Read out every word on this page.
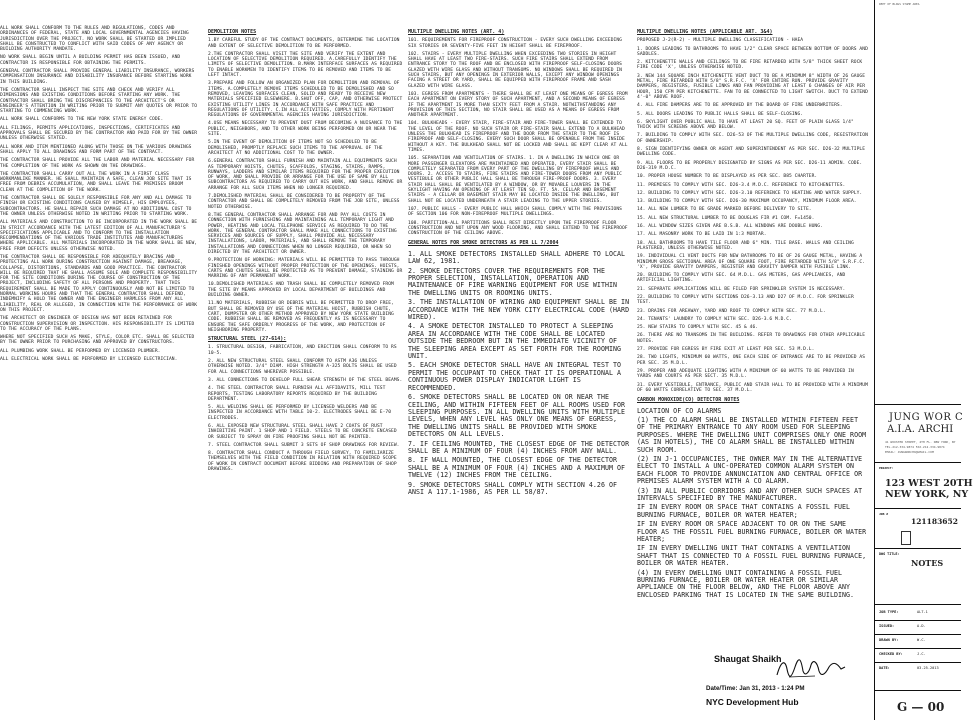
ALL WORK SHALL CONFORM TO THE RULES AND REGULATIONS, CODES AND ORDINANCES OF FEDERAL, STATE AND LOCAL GOVERNMENTAL AGENCIES HAVING JURISDICTION OVER THE PROJECT. NO WORK SHALL BE STARTED OR IMPLIED SHALL BE CONSTRUCTED TO CONFLICT WITH SAID CODES OF ANY AGENCY OR BUILDING AUTHORITY MANDATE.

NO WORK SHALL BEGIN UNTIL A BUILDING PERMIT HAS BEEN ISSUED, AND CONTRACTOR IS RESPONSIBLE FOR OBTAINING THE PERMITS.

GENERAL CONTRACTOR SHALL PROVIDE GENERAL LIABILITY INSURANCE, WORKERS COMPENSATION INSURANCE AND DISABILITY INSURANCE BEFORE STARTING WORK IN THIS BUILDING.

THE CONTRACTOR SHALL INSPECT THE SITE AND CHECK AND VERIFY ALL DIMENSIONS AND EXISTING CONDITIONS BEFORE STARTING ANY WORK. THE CONTRACTOR SHALL BRING THE DISCREPANCIES TO THE ARCHITECT'S OR ENGINEER'S ATTENTION IN WRITING PRIOR TO SUBMIT ANY QUOTES OR PRIOR TO STARTING TO COMMENCING WORK.

ALL WORK SHALL CONFORMS TO THE NEW YORK STATE ENERGY CODE.

ALL FILINGS, PERMITS APPLICATIONS, INSPECTIONS, CERTIFICATES AND APPROVALS SHALL BE SECURED BY THE CONTRACTOR AND PAID FOR BY THE OWNER UNLESS OTHERWISE STATED.

ALL WORK AND ITEM MENTIONED ALONG WITH THOSE ON THE VARIOUS DRAWINGS SHALL APPLY TO ALL DRAWINGS AND FORM PART OF THE CONTRACT.

THE CONTRACTOR SHALL PROVIDE ALL THE LABOR AND MATERIAL NECESSARY FOR THE COMPLETION OF THE WORK AS SHOWN ON THE DRAWINGS.

THE CONTRACTOR SHALL CARRY OUT ALL THE WORK IN A FIRST CLASS WORKMANLIKE MANNER. HE SHALL MAINTAIN A SAFE, CLEAN JOB SITE THAT IS FREE FROM DEBRIS ACCUMULATION, AND SHALL LEAVE THE PREMISES BROOM CLEAN AT THE COMPLETION OF THE WORK.

THE CONTRACTOR SHALL BE SOLELY RESPONSIBLE FOR ANY AND ALL DAMAGE TO FINISH OR EXISTING CONDITIONS CAUSED BY HIMSELF, HIS EMPLOYEES, SUBCONTRACTORS. HE SHALL REPAIR SUCH DAMAGE AT NO ADDITIONAL COST TO THE OWNER UNLESS OTHERWISE NOTED IN WRITING PRIOR TO STARTING WORK.

ALL MATERIALS AND CONSTRUCTION TO BE INCORPORATED IN THE WORK SHALL BE IN STRICT ACCORDANCE WITH THE LATEST EDITION OF ALL MANUFACTURER'S SPECIFICATIONS APPLICABLE AND TO CONFORM TO THE INSTALLATION RECOMMENDATIONS OF THE VARIOUS TRADE INSTITUTES AND MANUFACTURERS WHERE APPLICABLE. ALL MATERIALS INCORPORATED IN THE WORK SHALL BE NEW, FREE FROM DEFECTS UNLESS OTHERWISE NOTED.

THE CONTRACTOR SHALL BE RESPONSIBLE FOR ADEQUATELY BRACING AND PROTECTING ALL WORK DURING CONSTRUCTION AGAINST DAMAGE, BREAKAGE, COLLAPSE, DISTORTIONS, STANDARDS AND GOOD PRACTICE. THE CONTRACTOR WILL BE REQUIRED THAT HE SHALL ASSUME SOLE AND COMPLETE RESPONSIBILITY FOR THE SITE CONDITIONS DURING THE COURSE OF CONSTRUCTION OF THE PROJECT, INCLUDING SAFETY OF ALL PERSONS AND PROPERTY. THAT THIS REQUIREMENT SHALL BE MADE TO APPLY CONTINUOUSLY AND NOT BE LIMITED TO NORMAL WORKING HOURS AND THAT THE GENERAL CONTRACTOR SHALL DEFEND, INDEMNIFY & HOLD THE OWNER AND THE ENGINEER HARMLESS FROM ANY ALL LIABILITY, REAL OR ALLEGED, IN CONNECTION WITH THE PERFORMANCE OF WORK ON THIS PROJECT.

THE ARCHITECT OR ENGINEER OF DESIGN HAS NOT BEEN RETAINED FOR CONSTRUCTION SUPERVISION OR INSPECTION. HIS RESPONSIBILITY IS LIMITED TO THE ACCURACY OF THE PLANS.

WHERE NOT SPECIFIED SUCH AS MAKE, STYLE, COLOR ETC. SHALL BE SELECTED BY THE OWNER PRIOR TO PURCHASING AND APPROVED BY CONSTRUCTORS.

ALL PLUMBING WORK SHALL BE PERFORMED BY LICENSED PLUMBER.

ALL ELECTRICAL WORK SHALL BE PERFORMED BY LICENSED ELECTRICIAN.

DEMOLITION NOTES

1.BY CAREFUL STUDY OF THE CONTRACT DOCUMENTS, DETERMINE THE LOCATION AND EXTENT OF SELECTIVE DEMOLITION TO BE PERFORMED.

2.THE CONTRACTOR SHALL VISIT THE SITE AND VERIFY THE EXTENT AND LOCATION OF SELECTIVE DEMOLITION REQUIRED. A.CAREFULLY IDENTIFY THE LIMITS OF SELECTIVE DEMOLITION. B.MARK INTERFACE SURFACES AS REQUIRED TO ENABLE WORKMEN TO IDENTIFY ITEMS TO BE REMOVED AND ITEMS TO BE LEFT INTACT.

3.PREPARE AND FOLLOW AN ORGANIZED PLAN FOR DEMOLITION AND REMOVAL OF ITEMS. A.COMPLETELY REMOVE ITEMS SCHEDULED TO BE DEMOLISHED AND SO REMOVED, LEAVING SURFACES CLEAN, SOLID AND READY TO RECEIVE NEW MATERIALS SPECIFIED ELSEWHERE. B.SHUT OFF, CAP, AND OTHERWISE PROTECT EXISTING UTILITY LINES IN ACCORDANCE WITH SAFE PRACTICE AND REGULATIONS OF UTILITY. C.IN ALL ACTIVITIES, COMPLY WITH PERTINENT REGULATIONS OF GOVERNMENTAL AGENCIES HAVING JURISDICTION.

4.USE MEANS NECESSARY TO PREVENT DUST FROM BECOMING A NUISANCE TO THE PUBLIC, NEIGHBORS, AND TO OTHER WORK BEING PERFORMED ON OR NEAR THE SITE.

5.IN THE EVENT OF DEMOLITION OF ITEMS NOT SO SCHEDULED TO BE DEMOLISHED, PROMPTLY REPLACE SUCH ITEMS TO THE APPROVAL OF THE ARCHITECT AT NO ADDITIONAL COST TO THE OWNER.

6.GENERAL CONTRACTOR SHALL FURNISH AND MAINTAIN ALL EQUIPMENTS SUCH AS TEMPORARY HOISTS, CHUTES, SCAFFOLDS, STAGING, STAIRS, RAMPS, RUNWAYS, LADDERS AND SIMILAR ITEMS REQUIRED FOR THE PROPER EXECUTION OF WORK, AND SHALL PROVIDE OR ARRANGE FOR THE USE OF SAME BY ALL SUBCONTRACTORS AS REQUIRED TO CARRY OUT HIS WORK, AND SHALL REMOVE OR ARRANGE FOR ALL SUCH ITEMS WHEN NO LONGER REQUIRED.

7.DEMOLISHED MATERIAL SHALL BE CONSIDERED TO BE PROPERTY OF THE CONTRACTOR AND SHALL BE COMPLETELY REMOVED FROM THE JOB SITE, UNLESS NOTED OTHERWISE.

8.THE GENERAL CONTRACTOR SHALL ARRANGE FOR AND PAY ALL COSTS IN CONNECTION WITH FURNISHING AND MAINTAINING ALL TEMPORARY LIGHT AND POWER, HEATING AND LOCAL TELEPHONE SERVICE AS REQUIRED TO DO THE WORK. THE GENERAL CONTRACTOR SHALL MAKE ALL CONNECTIONS TO EXISTING SERVICES AND SOURCES OF SUPPLY, SHALL PROVIDE ALL NECESSARY INSTALLATIONS, LABOR, MATERIALS, AND SHALL REMOVE THE TEMPORARY INSTALLATIONS AND CONNECTIONS WHEN NO LONGER REQUIRED, OR WHEN SO DIRECTED BY THE ARCHITECT OR OWNER.

9.PROTECTION OF WORKING: MATERIALS WILL BE PERMITTED TO PASS THROUGH FINISHED OPENINGS WITHOUT PROPER PROTECTION OF THE OPENINGS. HOISTS, CARTS AND CHUTES SHALL BE PROTECTED AS TO PREVENT DAMAGE, STAINING OR MARRING OF ANY PERMANENT WORK.

10.DEMOLISHED MATERIALS AND TRASH SHALL BE COMPLETELY REMOVED FROM THE SITE BY MEANS APPROVED BY LOCAL DEPARTMENT OF BUILDINGS AND BUILDING OWNER.

11.NO MATERIALS, RUBBISH OR DEBRIS WILL BE PERMITTED TO DROP FREE, BUT SHALL BE REMOVED BY USE OF THE MATERIAL HOIST, RUBBISH CHUTE, CART, DUMPSTER OR OTHER METHOD APPROVED BY NEW YORK STATE BUILDING CODE. RUBBISH SHALL BE REMOVED AS FREQUENTLY AS IS NECESSARY TO ENSURE THE SAFE ORDERLY PROGRESS OF THE WORK, AND PROTECTION OF NEIGHBORING PROPERTY.

STRUCTURAL STEEL (27-614):

1. STRUCTURAL DESIGN, FABRICATION, AND ERECTION SHALL CONFORM TO RS 10-5.

2. ALL NEW STRUCTURAL STEEL SHALL CONFORM TO ASTM A36 UNLESS OTHERWISE NOTED. 3/4" DIAM. HIGH STRENGTH A-325 BOLTS SHALL BE USED FOR ALL CONNECTIONS WHEREVER POSSIBLE.

3. ALL CONNECTIONS TO DEVELOP FULL SHEAR STRENGTH OF THE STEEL BEAMS.

4. THE STEEL CONTRACTOR SHALL FURNISH ALL AFFIDAVITS, MILL TEST REPORTS, TESTING LABORATORY REPORTS REQUIRED BY THE BUILDING DEPARTMENT.

5. ALL WELDING SHALL BE PERFORMED BY LICENSED WELDERS AND BE INSPECTED IN ACCORDANCE WITH TABLE 10-2. ELECTRODES SHALL BE E-70 ELECTRODES.

6. ALL EXPOSED NEW STRUCTURAL STEEL SHALL HAVE 2 COATS OF RUST INHIBITIVE PAINT. 1 SHOP AND 1 FIELD. STEELS TO BE CONCRETE ENCASED OR SUBJECT TO SPRAY ON FIRE PROOFING SHALL NOT BE PAINTED.

7. STEEL CONTRACTOR SHALL SUBMIT 3 SETS OF SHOP DRAWINGS FOR REVIEW.

8. CONTRACTOR SHALL CONDUCT A THROUGH FIELD SURVEY, TO FAMILIARIZE THEMSELVES WITH THE FIELD CONDITION IN RELATION WITH REQUIRED SCOPE OF WORK IN CONTRACT DOCUMENT BEFORE BIDDING AND PREPARATION OF SHOP DRAWINGS.

MULTIPLE DWELLING NOTES (ART. 4)

101. REQUIREMENTS FOR FIREPROOF CONSTRUCTION - EVERY SUCH DWELLING EXCEEDING SIX STORIES OR SEVENTY-FIVE FEET IN HEIGHT SHALL BE FIREPROOF.

102. STAIRS - EVERY MULTIPLE DWELLING WHEN EXCEEDING TWO STORIES IN HEIGHT SHALL HAVE AT LEAST TWO FIRE-STAIRS. SUCH FIRE STAIRS SHALL EXTEND FROM ENTRANCE STORY TO THE ROOF AND BE ENCLOSED WITH FIREPROOF SELF-CLOSING DOORS GLAZED WITH WIRE GLASS AND WITHOUT TRANSOMS. NO WINDOWS SHALL BE REQUIRED IN SUCH STAIRS, BUT ANY OPENINGS IN EXTERIOR WALLS, EXCEPT ANY WINDOW OPENINGS FACING A STREET OR YARD, SHALL BE EQUIPPED WITH FIREPROOF FRAME AND SASH GLAZED WITH WIRE GLASS.

103. EGRESS FROM APARTMENTS - THERE SHALL BE AT LEAST ONE MEANS OF EGRESS FROM EACH APARTMENT ON EVERY STORY OF SUCH APARTMENT, AND A SECOND MEANS OF EGRESS IF THE APARTMENT IS MORE THAN SIXTY FEET FROM A STAIR. NOTWITHSTANDING ANY PROVISION OF THIS SECTION, NO STAIR SHALL BE USED AS A MEANS OF EGRESS FROM ANOTHER APARTMENT.

104. BULKHEADS - EVERY STAIR, FIRE-STAIR AND FIRE-TOWER SHALL BE EXTENDED TO THE LEVEL OF THE ROOF. NO SUCH STAIR OR FIRE-STAIR SHALL EXTEND TO A BULKHEAD UNLESS THE BULKHEAD IS FIREPROOF AND THE DOOR FROM THE STAIR TO THE ROOF IS FIREPROOF AND SELF-CLOSING. EVERY SUCH DOOR SHALL BE OPENABLE FROM THE INSIDE WITHOUT A KEY. THE BULKHEAD SHALL NOT BE LOCKED AND SHALL BE KEPT CLEAR AT ALL TIMES.

105. SEPARATION AND VENTILATION OF STAIRS. 1. IN A DWELLING IN WHICH ONE OR MORE PASSENGER ELEVATORS ARE MAINTAINED AND OPERATED, EVERY STAIR SHALL BE COMPLETELY SEPARATED FROM EVERY PART OF THE DWELLING BY FIREPROOF WALLS AND DOORS. 2. ACCESS TO STAIRS, FIRE STAIRS AND FIRE-TOWER DOORS FROM ANY PUBLIC VESTIBULE OR OTHER PUBLIC HALL SHALL BE THROUGH FIRE-PROOF DOORS. 3. EVERY STAIR HALL SHALL BE VENTILATED BY A WINDOW, OR BY MOVABLE LOUVERS IN THE SKYLIGHT HAVING AN OPENING OF AT LEAST TEN SQ. FT. 5A. CELLAR AND BASEMENT STAIRS - A CELLAR OR BASEMENT STAIR MAY BE LOCATED INSIDE THE DWELLING, BUT SHALL NOT BE LOCATED UNDERNEATH A STAIR LEADING TO THE UPPER STORIES.

107. PUBLIC HALLS - EVERY PUBLIC HALL WHICH SHALL COMPLY WITH THE PROVISIONS OF SECTION 106 FOR NON-FIREPROOF MULTIPLE DWELLINGS.

108. PARTITION-ALL PARTITIONS SHALL REST DIRECTLY UPON THE FIREPROOF FLOOR CONSTRUCTION AND NOT UPON ANY WOOD FLOORING, AND SHALL EXTEND TO THE FIREPROOF CONSTRUCTION OF THE CEILING ABOVE.

GENERAL NOTES FOR SMOKE DETECTORS AS PER LL 7/2004

1. ALL SMOKE DETECTORS INSTALLED SHALL ADHERE TO LOCAL LAW 62, 1981.

2. SMOKE DETECTORS COVER THE REQUIREMENTS FOR THE PROPER SELECTION, INSTALLATION, OPERATION AND MAINTENANCE OF FIRE WARNING EQUIPMENT FOR USE WITHIN THE DWELLING UNITS OR ROOMING UNITS.

3. THE INSTALLATION OF WIRING AND EQUIPMENT SHALL BE IN ACCORDANCE WITH THE NEW YORK CITY ELECTRICAL CODE (HARD WIRED).

4. A SMOKE DETECTOR INSTALLED TO PROTECT A SLEEPING AREA IN ACCORDANCE WITH THE CODE SHALL BE LOCATED OUTSIDE THE BEDROOM BUT IN THE IMMEDIATE VICINITY OF THE SLEEPING AREA EXCEPT AS SET FORTH FOR THE ROOMING UNIT.

5. EACH SMOKE DETECTOR SHALL HAVE AN INTEGRAL TEST TO PERMIT THE OCCUPANT TO CHECK THAT IT IS OPERATIONAL A CONTINUOUS POWER DISPLAY INDICATOR LIGHT IS RECOMMENDED.

6. SMOKE DETECTORS SHALL BE LOCATED ON OR NEAR THE CEILING, AND WITHIN FIFTEEN FEET OF ALL ROOMS USED FOR SLEEPING PURPOSES. IN ALL DWELLING UNITS WITH MULTIPLE LEVELS, WHEN ANY LEVEL HAS ONLY ONE MEANS OF EGRESS, THE DWELLING UNITS SHALL BE PROVIDED WITH SMOKE DETECTORS ON ALL LEVELS.

7. IF CEILING MOUNTED, THE CLOSEST EDGE OF THE DETECTOR SHALL BE A MINIMUM OF FOUR (4) INCHES FROM ANY WALL.

8. IF WALL MOUNTED, THE CLOSEST EDGE OF THE DETECTOR SHALL BE A MINIMUM OF FOUR (4) INCHES AND A MAXIMUM OF TWELVE (12) INCHES FROM THE CEILING.

9. SMOKE DETECTORS SHALL COMPLY WITH SECTION 4.26 OF ANSI A 117.1-1986, AS PER LL 58/87.

MULTIPLE DWELLING NOTES (APPLICABLE ART. 3&4)

PROPOSED J-2(R-2) - MULTIPLE DWELLING CLASSIFICATION - HAEA

1. DOORS LEADING TO BATHROOMS TO HAVE 1/2" CLEAR SPACE BETWEEN BOTTOM OF DOORS AND SADDLES.

2. KITCHENETTE WALLS AND CEILINGS TO BE FIRE RETARDED WITH 5/8" THICK SHEET ROCK FIRE CODE 'X', UNLESS OTHERWISE NOTED.

3. NEW 144 SQUARE INCH KITCHENETTE VENT DUCT TO BE A MINIMUM 8" WIDTH OF 26 GAUGE METAL, FIRE RETARDED WITH 5/8" S.R.F.C. 'X' FOR ENTIRE RUN. PROVIDE GRAVITY DAMPERS, REGISTERS, FUSIBLE LINKS AND FAN PROVIDING AT LEAST 6 CHANGES OF AIR PER HOUR, 150 CFM PER KITCHENETTE. FAN TO BE CONNECTED TO LIGHT SWITCH. DUCT TO EXTEND 4'-0" ABOVE ROOF.

4. ALL FIRE DAMPERS ARE TO BE APPROVED BY THE BOARD OF FIRE UNDERWRITERS.

5. ALL DOORS LEADING TO PUBLIC HALLS SHALL BE SELF-CLOSING.

6. SKYLIGHT OVER PUBLIC HALL TO HAVE AT LEAST 20 SQ. FEET OF PLAIN GLASS 1/4" THICK WITH SCREENS ABOVE AND BELOW.

7. BUILDING TO COMPLY WITH SEC. D26-53 OF THE MULTIPLE DWELLING CODE, REGISTRATION OF OWNERSHIP.

8. SIGN IDENTIFYING OWNER OR AGENT AND SUPERINTENDENT AS PER SEC. D26-32 MULTIPLE DWELLING CODE.

9. ALL FLOORS TO BE PROPERLY DESIGNATED BY SIGNS AS PER SEC. D26-11 ADMIN. CODE. D26-319 M.D.C.

10. PROPER HOUSE NUMBER TO BE DISPLAYED AS PER SEC. B85 CHARTER.

11. PREMISES TO COMPLY WITH SEC. D26-3.4 M.D.C. REFERENCE TO KITCHENETTES.

12. BUILDING TO COMPLY WITH SEC. D26-3.10 REFERENCE TO HEATING AND WATER SUPPLY.

13. BUILDING TO COMPLY WITH SEC. D26-30 MAXIMUM OCCUPANCY, MINIMUM FLOOR AREA.

14. ALL NEW LUMBER TO BE GRADE MARKED BEFORE DELIVERY TO SITE.

15. ALL NEW STRUCTURAL LUMBER TO BE DOUGLAS FIR #1 COM. F=1450.

16. ALL WINDOW SIZES GIVEN ARE B.S.B. ALL WINDOWS ARE DOUBLE HUNG.

17. ALL MASONRY WORK TO BE LAID IN 1:3 MORTAR.

18. ALL BATHROOMS TO HAVE TILE FLOOR AND 6" MIN. TILE BASE. WALLS AND CEILING PLASTERED, UNLESS OTHERWISE NOTED.

19. INDIVIDUAL C1 VENT DUCTS FOR NEW BATHROOMS TO BE OF 26 GAUGE METAL, HAVING A MINIMUM GROSS SECTIONAL AREA OF ONE SQUARE FOOT, FIRE RETARDED WITH 5/8" S.R.F.C. 'X', PROVIDE GRAVITY DAMPERS, REGISTER AND GRAVITY DAMPER WITH FUSIBLE LINK.

20. BUILDING TO COMPLY WITH SEC. 64 M.D.L. GAS METERS, GAS APPLIANCES, AND ARTIFICIAL LIGHTING.

21. SEPARATE APPLICATIONS WILL BE FILED FOR SPRINKLER SYSTEM IS NECESSARY.

22. BUILDING TO COMPLY WITH SECTIONS D26-3.13 AND D27 OF M.D.C. FOR SPRINKLER TEST.

23. DRAINS FOR AREAWAY, YARD AND ROOF TO COMPLY WITH SEC. 77 M.D.L.

24. TENANTS' LAUNDRY TO COMPLY WITH SEC. D26-3.6 M.D.C.

25. NEW STAIRS TO COMPLY WITH SEC. 45 & 46.

26. THERE ARE NO TRANSOMS IN THE BUILDING. REFER TO DRAWINGS FOR OTHER APPLICABLE NOTES.

27. PROVIDE FOR EGRESS BY FIRE EXIT AT LEAST PER SEC. 53 M.D.L.

28. TWO LIGHTS, MINIMUM 60 WATTS, ONE EACH SIDE OF ENTRANCE ARE TO BE PROVIDED AS PER SEC. 35 M.D.L.

29. PROPER AND ADEQUATE LIGHTING WITH A MINIMUM OF 60 WATTS TO BE PROVIDED IN YARDS AND COURTS AS PER SECT. 35 M.D.L.

31. EVERY VESTIBULE, ENTRANCE, PUBLIC AND STAIR HALL TO BE PROVIDED WITH A MINIMUM OF 60 WATTS CORRELATIVE TO SEC. 37 M.D.L.

CARBON MONOXIDE(CO) DETECTOR NOTES

LOCATION OF CO ALARMS

(1) THE CO ALARM SHALL BE INSTALLED WITHIN FIFTEEN FEET OF THE PRIMARY ENTRANCE TO ANY ROOM USED FOR SLEEPING PURPOSES. WHERE THE DWELLING UNIT COMPRISES ONLY ONE ROOM (AS IN HOTELS), THE CO ALARM SHALL BE INSTALLED WITHIN SUCH ROOM.

(2) IN J-1 OCCUPANCIES, THE OWNER MAY IN THE ALTERNATIVE ELECT TO INSTALL A UNC-OPERATED COMMON ALARM SYSTEM ON EACH FLOOR TO PROVIDE ANNUNCIATION AND CENTRAL OFFICE OR PREMISES ALARM SYSTEM WITH A CO ALARM.

(3) IN ALL PUBLIC CORRIDORS AND ANY OTHER SUCH SPACES AT INTERVALS SPECIFIED BY THE MANUFACTURER.

IF IN EVERY ROOM OR SPACE THAT CONTAINS A FOSSIL FUEL BURNING FURNACE, BOILER OR WATER HEATER;

IF IN EVERY ROOM OR SPACE ADJACENT TO OR ON THE SAME FLOOR AS THE FOSSIL FUEL BURNING FURNACE, BOILER OR WATER HEATER;

IF IN EVERY DWELLING UNIT THAT CONTAINS A VENTILATION SHAFT THAT IS CONNECTED TO A FOSSIL FUEL BURNING FURNACE, BOILER OR WATER HEATER.

(4) IN EVERY DWELLING UNIT CONTAINING A FOSSIL FUEL BURNING FURNACE, BOILER OR WATER HEATER OR SIMILAR APPLIANCE ON THE FLOOR BELOW, AND THE FLOOR ABOVE ANY ENCLOSED PARKING THAT IS LOCATED IN THE SAME BUILDING.

DEPT OF BLDGS STAMP AREA
JUNG WOR C
A.I.A. ARCHI
41 WOOSTER STREET, 4TH FL. NEW YORK, NY
TEL.212-334-9874 FAX.212-334-9874
EMAIL: JUNGWORCHO@GMAIL.COM
PROJECT:
123 WEST 20TH
NEW YORK, NY
JOB #
121183652
DWG TITLE:
NOTES
JOB TYPE:	ALT-1
ISSUED:	A.D.
DRAWN BY:	W.C.
CHECKED BY:	J.C.
DATE:	03.25.2013
G — 00
Shaugat Shaikh
Date/Time: Jan 31, 2013 - 1:24 PM
NYC Development Hub
